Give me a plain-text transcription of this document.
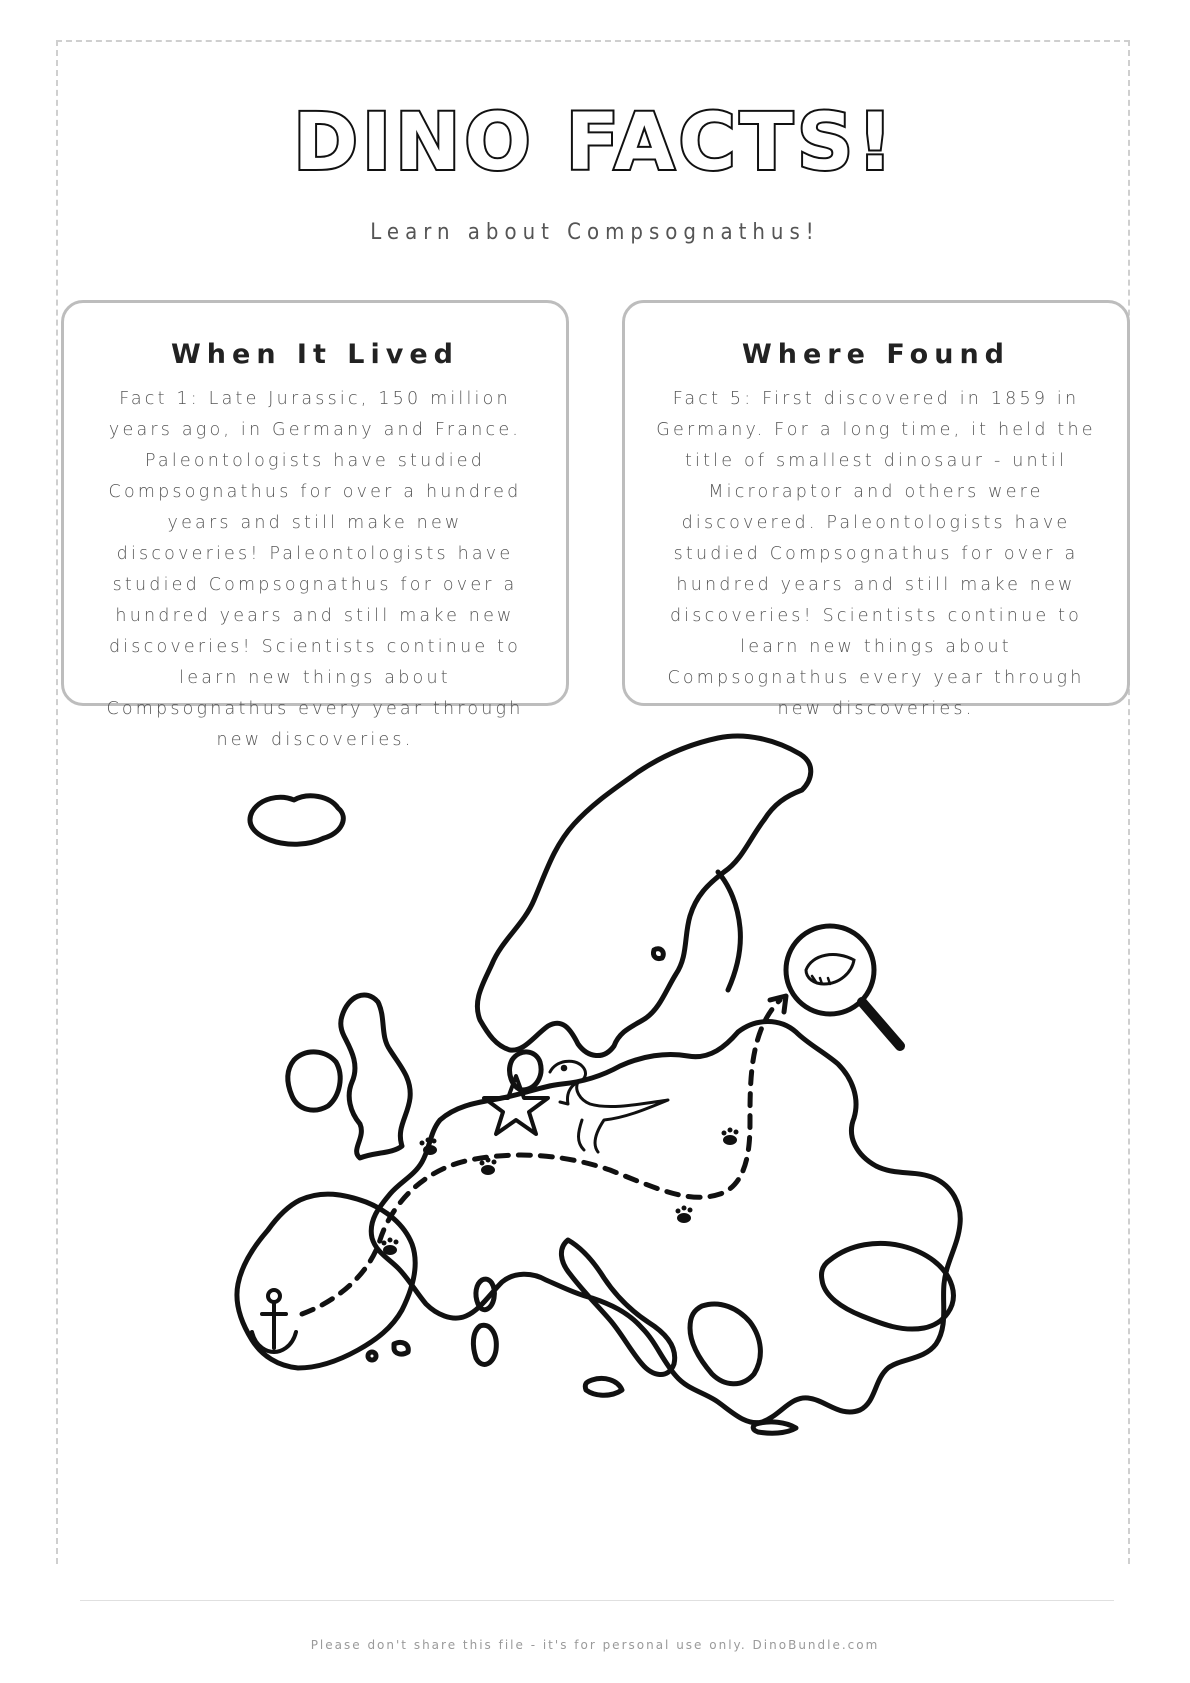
DINO FACTS!
Learn about Compsognathus!
When It Lived

Fact 1: Late Jurassic, 150 million years ago, in Germany and France. Paleontologists have studied Compsognathus for over a hundred years and still make new discoveries! Paleontologists have studied Compsognathus for over a hundred years and still make new discoveries! Scientists continue to learn new things about Compsognathus every year through new discoveries.

Where Found

Fact 5: First discovered in 1859 in Germany. For a long time, it held the title of smallest dinosaur - until Microraptor and others were discovered. Paleontologists have studied Compsognathus for over a hundred years and still make new discoveries! Scientists continue to learn new things about Compsognathus every year through new discoveries.

Please don't share this file - it's for personal use only. DinoBundle.com
